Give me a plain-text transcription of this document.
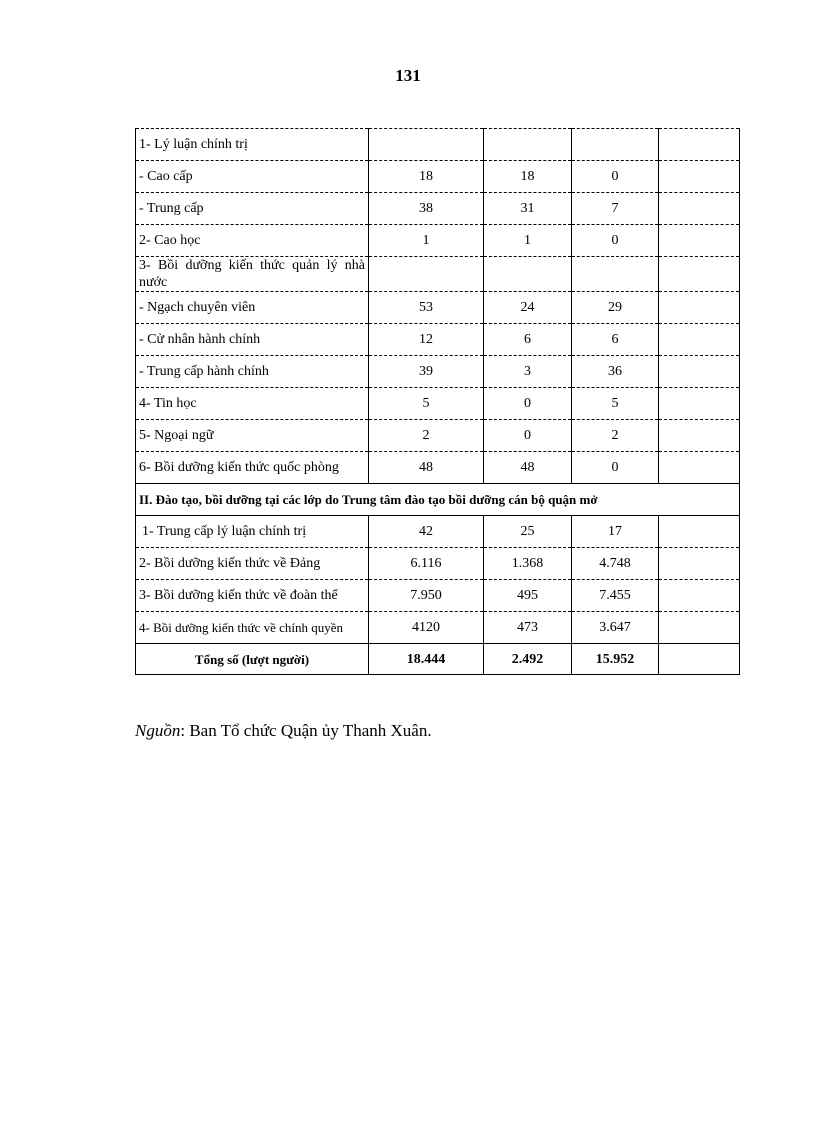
131
1- Lý luận chính trị				
- Cao cấp	18	18	0	
- Trung cấp	38	31	7	
2- Cao học	1	1	0	
3- Bồi dưỡng kiến thức quản lý nhà nước				
- Ngạch chuyên viên	53	24	29	
- Cử nhân hành chính	12	6	6	
- Trung cấp hành chính	39	3	36	
4- Tin học	5	0	5	
5- Ngoại ngữ	2	0	2	
6- Bồi dưỡng kiến thức quốc phòng	48	48	0	
II. Đào tạo, bồi dưỡng tại các lớp do Trung tâm đào tạo bồi dưỡng cán bộ quận mở				
1- Trung cấp lý luận chính trị	42	25	17	
2- Bồi dưỡng kiến thức về Đảng	6.116	1.368	4.748	
3- Bồi dưỡng kiến thức về đoàn thể	7.950	495	7.455	
4- Bồi dưỡng kiến thức về chính quyền	4120	473	3.647	
Tổng số (lượt người)	18.444	2.492	15.952	
Nguồn: Ban Tổ chức Quận ủy Thanh Xuân.
